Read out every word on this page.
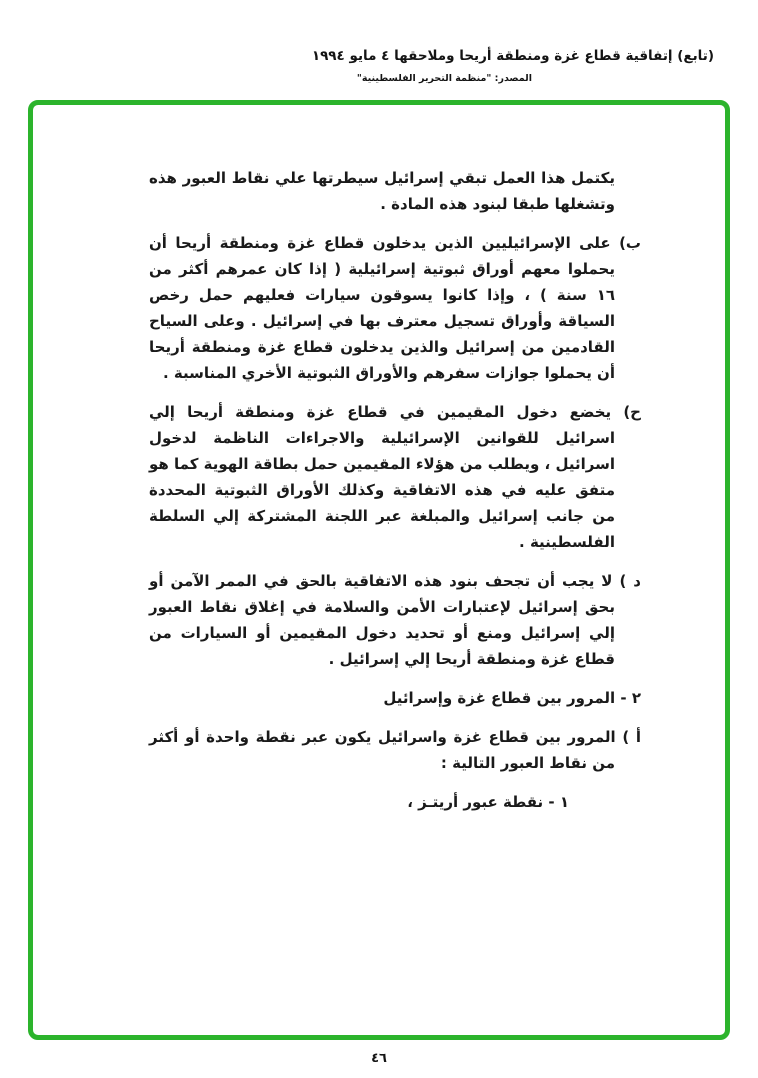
(تابع) إتفاقية قطاع غزة ومنطقة أريحا وملاحقها ٤ مايو ١٩٩٤
المصدر: "منظمة التحرير الفلسطينية"

يكتمل هذا العمل تبقي إسرائيل سيطرتها علي نقاط العبور هذه وتشغلها طبقا لبنود هذه المادة .

ب) على الإسرائيليين الذين يدخلون قطاع غزة ومنطقة أريحا أن يحملوا معهم أوراق ثبوتية إسرائيلية ( إذا كان عمرهم أكثر من ١٦ سنة ) ، وإذا كانوا يسوقون سيارات فعليهم حمل رخص السياقة وأوراق تسجيل معترف بها في إسرائيل . وعلى السياح القادمين من إسرائيل والذين يدخلون قطاع غزة ومنطقة أريحا أن يحملوا جوازات سفرهم والأوراق الثبوتية الأخري المناسبة .

ح) يخضع دخول المقيمين في قطاع غزة ومنطقة أريحا إلي اسرائيل للقوانين الإسرائيلية والاجراءات الناظمة لدخول اسرائيل ، ويطلب من هؤلاء المقيمين حمل بطاقة الهوية كما هو متفق عليه في هذه الاتفاقية وكذلك الأوراق الثبوتية المحددة من جانب إسرائيل والمبلغة عبر اللجنة المشتركة إلي السلطة الفلسطينية .

د ) لا يجب أن تجحف بنود هذه الاتفاقية بالحق في الممر الآمن أو بحق إسرائيل لإعتبارات الأمن والسلامة في إغلاق نقاط العبور إلي إسرائيل ومنع أو تحديد دخول المقيمين أو السيارات من قطاع غزة ومنطقة أريحا إلي إسرائيل .

٢ - المرور بين قطاع غزة وإسرائيل

أ ) المرور بين قطاع غزة واسرائيل يكون عبر نقطة واحدة أو أكثر من نقاط العبور التالية :

١ - نقطة عبور أريتـز ،

٤٦
